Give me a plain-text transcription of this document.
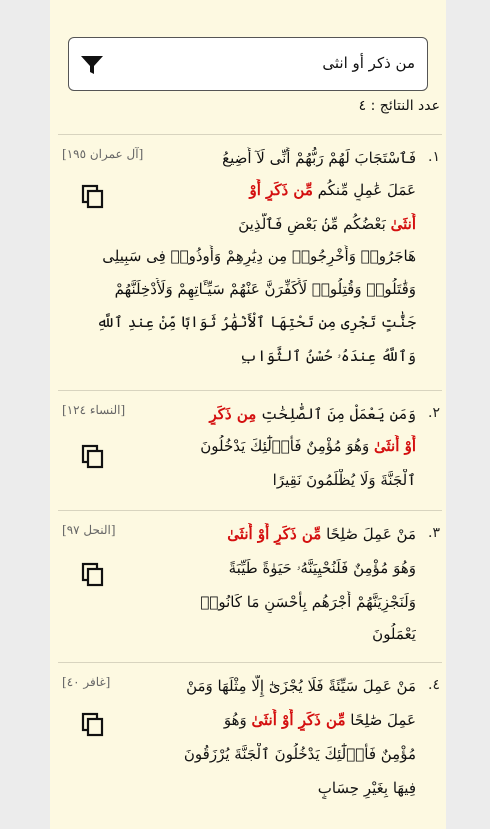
من ذكر أو انثى
عدد النتائج : ٤
١.
[آل عمران ١٩٥]	فَٱسْتَجَابَ لَهُمْ رَبُّهُمْ أَنِّى لَآ أُضِيعُ
عَمَلَ عَٰمِلٍ مِّنكُم مِّن ذَكَرٍ أَوْ
أُنثَىٰ بَعْضُكُم مِّنۢ بَعْضٍ فَٱلَّذِينَ
هَاجَرُوا۟ وَأُخْرِجُوا۟ مِن دِيَٰرِهِمْ وَأُوذُوا۟ فِى سَبِيلِى
وَقَٰتَلُوا۟ وَقُتِلُوا۟ لَأُكَفِّرَنَّ عَنْهُمْ سَيِّـَٔاتِهِمْ وَلَأُدْخِلَنَّهُمْ
جَنَّٰتٍ تَجْرِى مِن تَحْتِهَا ٱلْأَنْهَٰرُ ثَوَابًا مِّنْ عِندِ ٱللَّهِ
وَٱللَّهُ عِندَهُۥ حُسْنُ ٱلثَّوَابِ
٢.
[النساء ١٢٤]	وَمَن يَعْمَلْ مِنَ ٱلصَّٰلِحَٰتِ مِن ذَكَرٍ
أَوْ أُنثَىٰ وَهُوَ مُؤْمِنٌ فَأُو۟لَٰٓئِكَ يَدْخُلُونَ
ٱلْجَنَّةَ وَلَا يُظْلَمُونَ نَقِيرًا
٣.
[النحل ٩٧]	مَنْ عَمِلَ صَٰلِحًا مِّن ذَكَرٍ أَوْ أُنثَىٰ
وَهُوَ مُؤْمِنٌ فَلَنُحْيِيَنَّهُۥ حَيَوٰةً طَيِّبَةً
وَلَنَجْزِيَنَّهُمْ أَجْرَهُم بِأَحْسَنِ مَا كَانُوا۟
يَعْمَلُونَ
٤.
[غافر ٤٠]	مَنْ عَمِلَ سَيِّئَةً فَلَا يُجْزَىٰٓ إِلَّا مِثْلَهَا وَمَنْ
عَمِلَ صَٰلِحًا مِّن ذَكَرٍ أَوْ أُنثَىٰ وَهُوَ
مُؤْمِنٌ فَأُو۟لَٰٓئِكَ يَدْخُلُونَ ٱلْجَنَّةَ يُرْزَقُونَ
فِيهَا بِغَيْرِ حِسَابٍ
